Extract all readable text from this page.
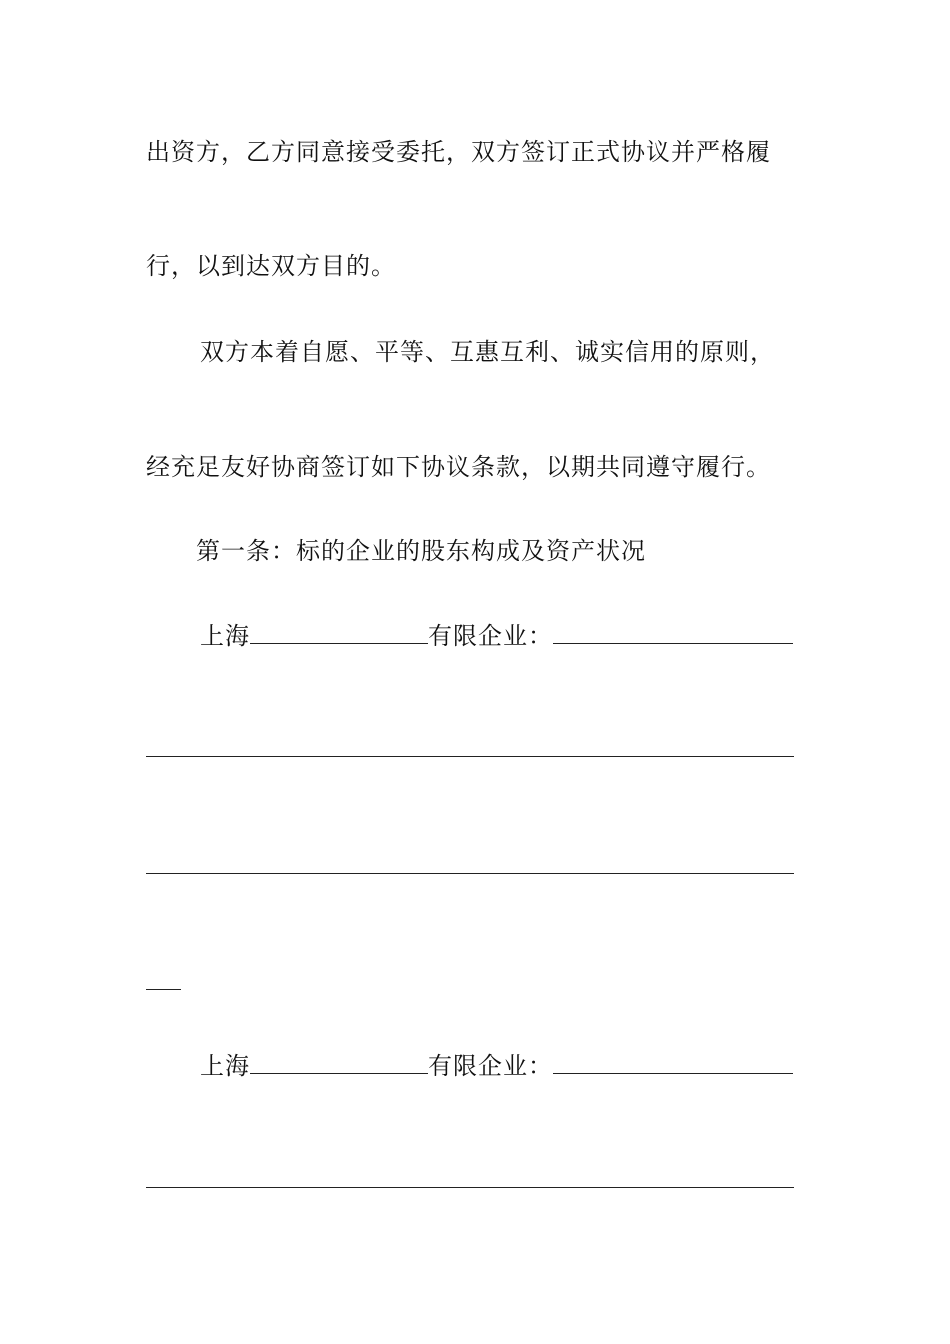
出资方，乙方同意接受委托，双方签订正式协议并严格履
行，以到达双方目的。
双方本着自愿、平等、互惠互利、诚实信用的原则，
经充足友好协商签订如下协议条款，以期共同遵守履行。
第一条：标的企业的股东构成及资产状况
上海	有限企业：
上海	有限企业：
